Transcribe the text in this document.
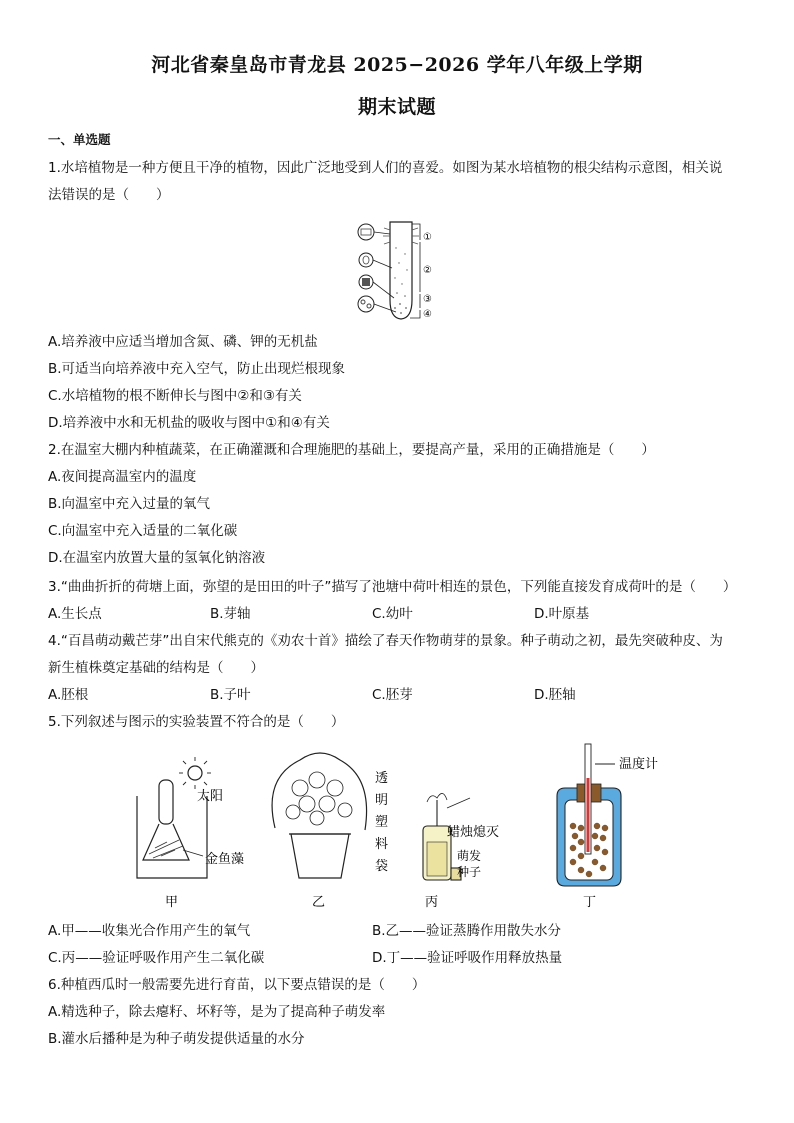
河北省秦皇岛市青龙县 2025−2026 学年八年级上学期
期末试题
一、单选题
1.水培植物是一种方便且干净的植物，因此广泛地受到人们的喜爱。如图为某水培植物的根尖结构示意图，相关说
法错误的是（　　）
①
②
③
④
A.培养液中应适当增加含氮、磷、钾的无机盐
B.可适当向培养液中充入空气，防止出现烂根现象
C.水培植物的根不断伸长与图中②和③有关
D.培养液中水和无机盐的吸收与图中①和④有关
2.在温室大棚内种植蔬菜，在正确灌溉和合理施肥的基础上，要提高产量，采用的正确措施是（　　）
A.夜间提高温室内的温度
B.向温室中充入过量的氧气
C.向温室中充入适量的二氧化碳
D.在温室内放置大量的氢氧化钠溶液
3.“曲曲折折的荷塘上面，弥望的是田田的叶子”描写了池塘中荷叶相连的景色，下列能直接发育成荷叶的是（　　）
A.生长点	B.芽轴	C.幼叶	D.叶原基
4.“百昌萌动戴芒芽”出自宋代熊克的《劝农十首》描绘了春天作物萌芽的景象。种子萌动之初，最先突破种皮、为
新生植株奠定基础的结构是（　　）
A.胚根	B.子叶	C.胚芽	D.胚轴
5.下列叙述与图示的实验装置不符合的是（　　）
太阳
金鱼藻
甲
透
明
塑
料
袋
乙
蜡烛熄灭
萌发
种子
丙
温度计
丁
A.甲——收集光合作用产生的氧气	B.乙——验证蒸腾作用散失水分
C.丙——验证呼吸作用产生二氧化碳	D.丁——验证呼吸作用释放热量
6.种植西瓜时一般需要先进行育苗，以下要点错误的是（　　）
A.精选种子，除去瘪籽、坏籽等，是为了提高种子萌发率
B.灌水后播种是为种子萌发提供适量的水分
